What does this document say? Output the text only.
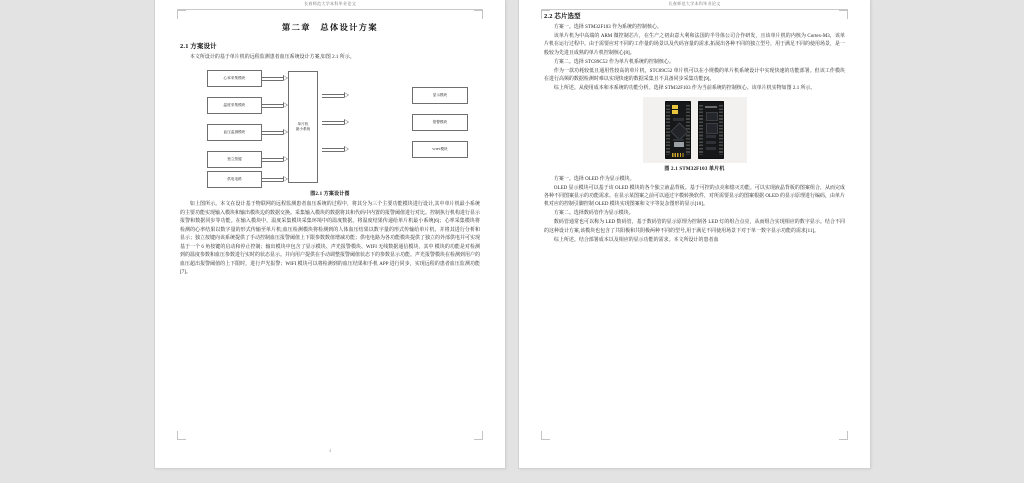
长春师范大学本科毕业论文
第二章　总体设计方案
2.1 方案设计

本文所设计的基于单片机的远程监测患者血压系统设计方案,如图 2.1 所示。

心率采集模块
温度采集模块
血压监测模块
独立按键
供电电路
单片机
最小系统
显示模块
报警模块
WIFI模块
图2.1 方案设计图

如上图所示。本文在设计基于物联网的远程监测患者血压系统的过程中，将其分为三个主要功能模块进行设计,其中单片机最小系统的主要功能实现输入模块和输出模块边的数据交换。采集输入模块的数据将其和代码中内置的报警阈值进行对比。控制执行机构进行显示报警和数据同步等功能。在输入模块中，温度采集模块采集环境中的温度数据。将温度结果传递给单片机最小系统[6]；心率采集模块将检测的心率结果以数字量的形式传输至单片机;血压检测模块将检测到的人体血压结果以数字量的形式传输给单片机，并将其进行分析和显示；独立按键向该系统提供了手动控制血压报警阈值上下限参数数值增减功能；供电电路为各功能模块提供了独立的外部供电并可实现基于一个 6 角按键的启动和停止控制；输出模块中包含了显示模块、声光报警模块、WIFI 无线数据通信模块，其中 模块的功能是对检测到的温度参数和血压参数进行实时的状态显示。并向用户提供在手动调整报警阈值状态下的参数显示功能。声光报警模块在检测到用户的血压超出报警阈值的上下限时，进行声光报警；WIFI 模块可以将检测到的血压结果和手机 APP 进行同步，实现远程的患者血压监测功能[7]。

4
长春师范大学本科毕业论文
2.2 芯片选型

方案一。选择 STM32F103 作为系统的控制核心。

该单片机为中高端的 ARM 微控制芯片，在生产之初由意大利和法国的半导体公司合作研发，且该单片机的内核为 Cortex-M3，该单片机在运行过程中。由于需要应对不同的工作量的场景以及代码容量的需求,拓展出各种不同的独立型号，用于满足不同的使用场景，是一般较为先进且成熟的单片机控制核心[8]。

方案二。选择 STC89C52 作为单片机系统的控制核心。

作为一款功耗较低且通用性较高的单片机，STC89C52 单片机可以在小规模的单片机系统设计中实现快速的功能部署。但该工作模块在进行高频的数据检测时难以实现快速的数据采集且不具备同步采集功能[9]。

综上所述。从使用成本和本系统的功能分析。选择 STM32F103 作为当前系统的控制核心。该单片机实物如图 2.1 所示。

图 2.1 STM32F103 单片机

方案一。选择 OLED 作为显示模块。

OLED 显示模块可以基于该 OLED 模块的各个独立液晶背板。基于可控的点亮和熄灭功能。可以实现液晶背板的图案组合，从而完成各种不同图案显示的功能需求。在显示某图案之前可以通过字模转换软件，对所需要显示的图案根据 OLED 的显示原理进行编码，由单片机对应的控制引脚控制 OLED 模块实现图案和文字等复杂图形的显示[10]。

方案二。选择数码管作为显示模块。

数码管通常也可以称为 LED 数码管，基于数码管的显示原理为控制各 LED 灯的组合点亮，从而组合实现相应的数字显示。结合不同的这种设计方案,该模块也包含了共阳极和共阴极两种不同的型号,用于满足不同使用场景下对于单一数字显示功能的需求[11]。

综上所述。结合部署成本以及相应的显示功能的需求。本文所设计的患者血
